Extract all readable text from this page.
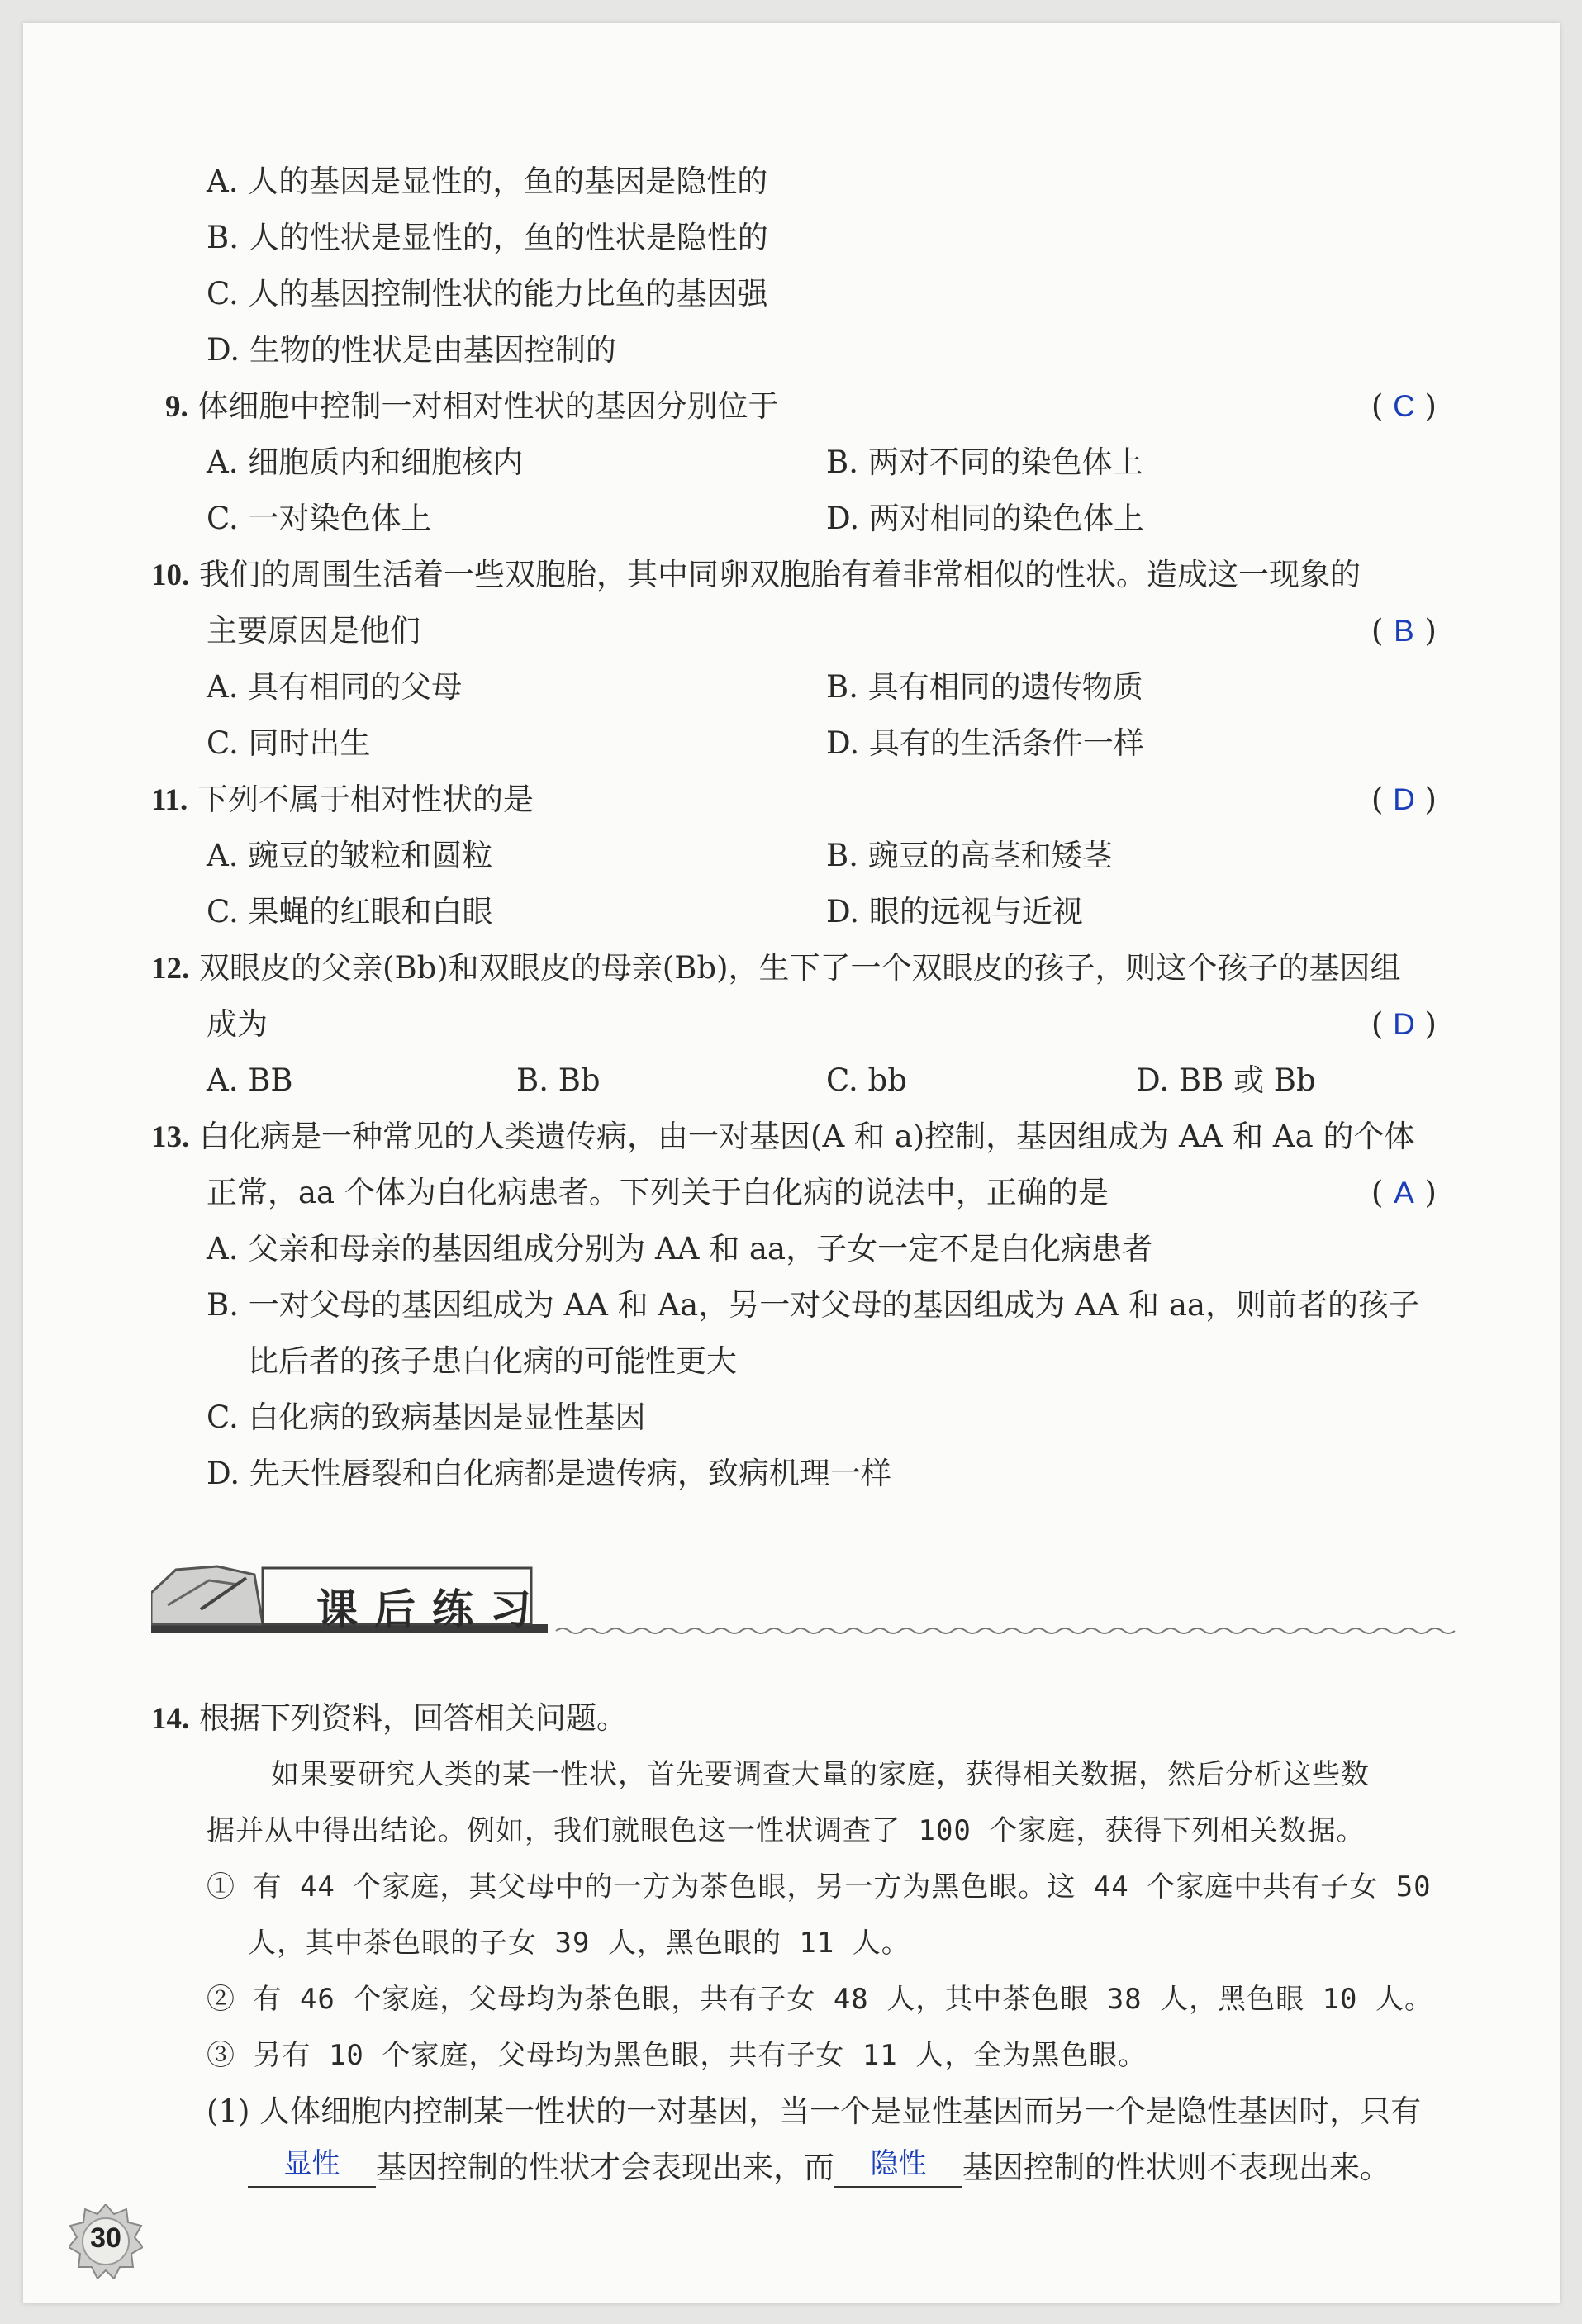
A. 人的基因是显性的，鱼的基因是隐性的
B. 人的性状是显性的，鱼的性状是隐性的
C. 人的基因控制性状的能力比鱼的基因强
D. 生物的性状是由基因控制的
9. 体细胞中控制一对相对性状的基因分别位于	( C )
A. 细胞质内和细胞核内	B. 两对不同的染色体上
C. 一对染色体上	D. 两对相同的染色体上
10. 我们的周围生活着一些双胞胎，其中同卵双胞胎有着非常相似的性状。造成这一现象的
主要原因是他们	( B )
A. 具有相同的父母	B. 具有相同的遗传物质
C. 同时出生	D. 具有的生活条件一样
11. 下列不属于相对性状的是	( D )
A. 豌豆的皱粒和圆粒	B. 豌豆的高茎和矮茎
C. 果蝇的红眼和白眼	D. 眼的远视与近视
12. 双眼皮的父亲(Bb)和双眼皮的母亲(Bb)，生下了一个双眼皮的孩子，则这个孩子的基因组
成为	( D )
A. BB	B. Bb	C. bb	D. BB 或 Bb
13. 白化病是一种常见的人类遗传病，由一对基因(A 和 a)控制，基因组成为 AA 和 Aa 的个体
正常，aa 个体为白化病患者。下列关于白化病的说法中，正确的是	( A )
A. 父亲和母亲的基因组成分别为 AA 和 aa，子女一定不是白化病患者
B. 一对父母的基因组成为 AA 和 Aa，另一对父母的基因组成为 AA 和 aa，则前者的孩子
比后者的孩子患白化病的可能性更大
C. 白化病的致病基因是显性基因
D. 先天性唇裂和白化病都是遗传病，致病机理一样
课后练习
14. 根据下列资料，回答相关问题。
如果要研究人类的某一性状，首先要调查大量的家庭，获得相关数据，然后分析这些数
据并从中得出结论。例如，我们就眼色这一性状调查了 100 个家庭，获得下列相关数据。
① 有 44 个家庭，其父母中的一方为茶色眼，另一方为黑色眼。这 44 个家庭中共有子女 50
人，其中茶色眼的子女 39 人，黑色眼的 11 人。
② 有 46 个家庭，父母均为茶色眼，共有子女 48 人，其中茶色眼 38 人，黑色眼 10 人。
③ 另有 10 个家庭，父母均为黑色眼，共有子女 11 人，全为黑色眼。
(1) 人体细胞内控制某一性状的一对基因，当一个是显性基因而另一个是隐性基因时，只有
显性 基因控制的性状才会表现出来，而 隐性 基因控制的性状则不表现出来。
30
